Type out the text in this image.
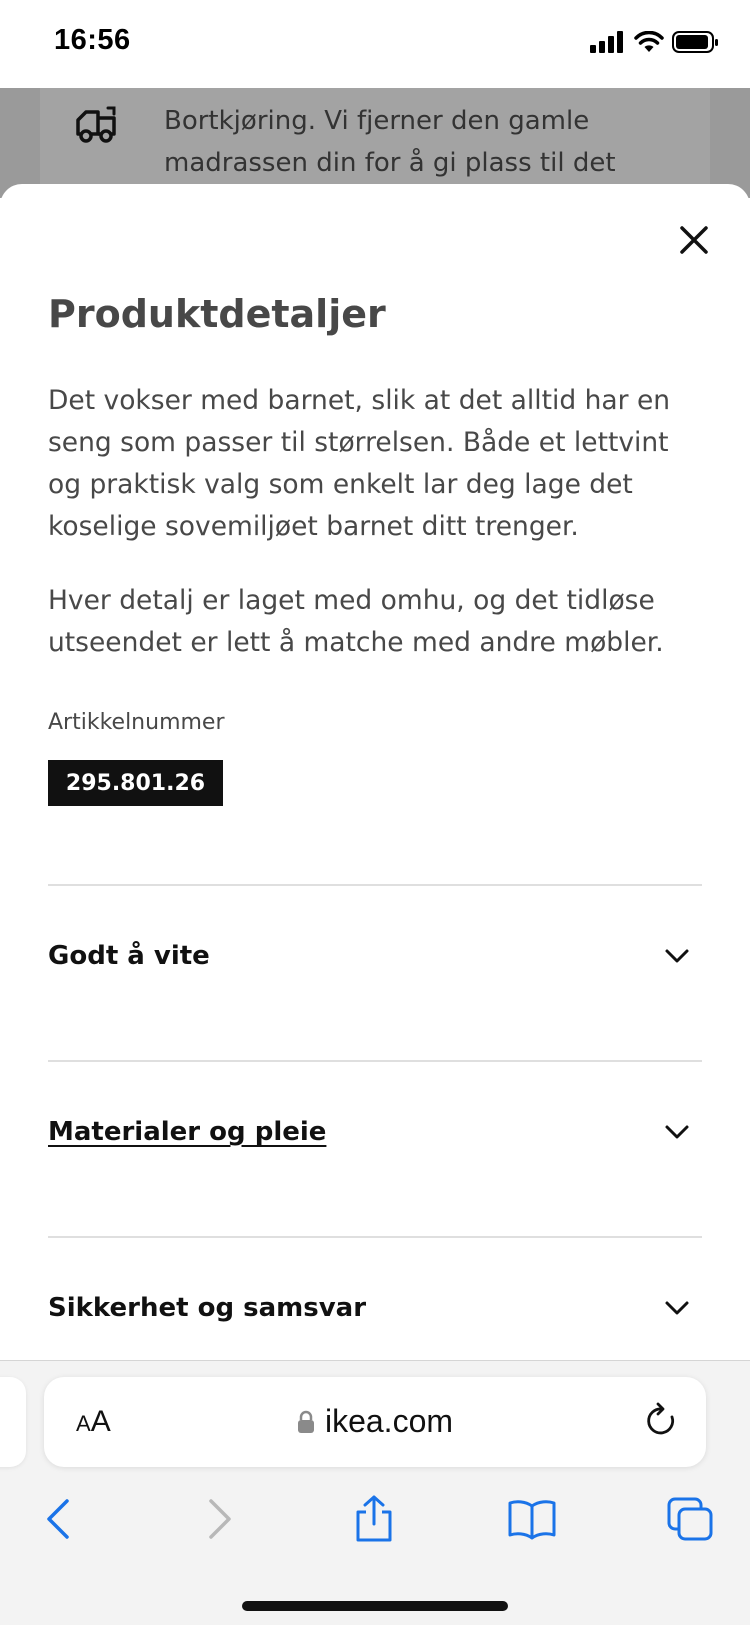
16:56
Bortkjøring. Vi fjerner den gamle madrassen din for å gi plass til det
Produktdetaljer

Det vokser med barnet, slik at det alltid har en seng som passer til størrelsen. Både et lettvint og praktisk valg som enkelt lar deg lage det koselige sovemiljøet barnet ditt trenger.

Hver detalj er laget med omhu, og det tidløse utseendet er lett å matche med andre møbler.

Artikkelnummer
295.801.26
Godt å vite
Materialer og pleie
Sikkerhet og samsvar
AA	ikea.com
